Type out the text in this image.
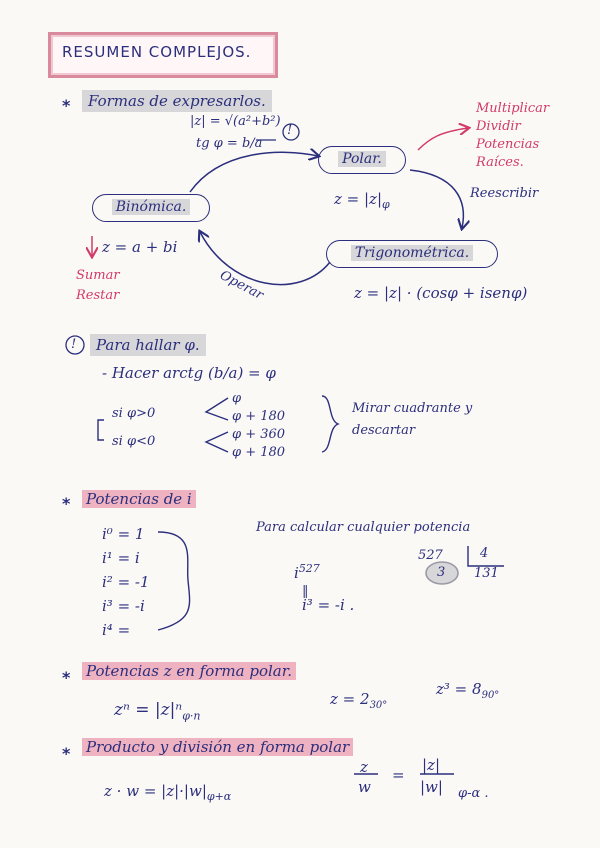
RESUMEN COMPLEJOS.
*	Formas de expresarlos.
|z| = √(a²+b²)
tg φ = b/a
!
Polar.
$z = |z|_\varphi$
Multiplicar
Dividir
Potencias
Raíces.
Reescribir
Binómica.
z = a + bi
Sumar
Restar	Operar
Trigonométrica.
z = |z| · (cosφ + isenφ)
!	Para hallar φ.
- Hacer arctg (b/a) = φ
si φ>0
si φ<0
φ
φ + 180
φ + 360
φ + 180
Mirar cuadrante y
descartar
* Potencias de i
i⁰ = 1
i¹ = i
i² = -1
i³ = -i
i⁴ =
Para calcular cualquier potencia
$i^{527}$
‖
i³ = -i .
527	4
131
3
* Potencias z en forma polar.
zⁿ = |z|ⁿ$_{\varphi\cdot n}$
$z = 2_{30^\circ}$
$z^3 = 8_{90^\circ}$
* Producto y división en forma polar
$z \cdot w = |z|\cdot|w|_{\varphi+\alpha}$
z
w
=
|z|
|w| φ-α .
